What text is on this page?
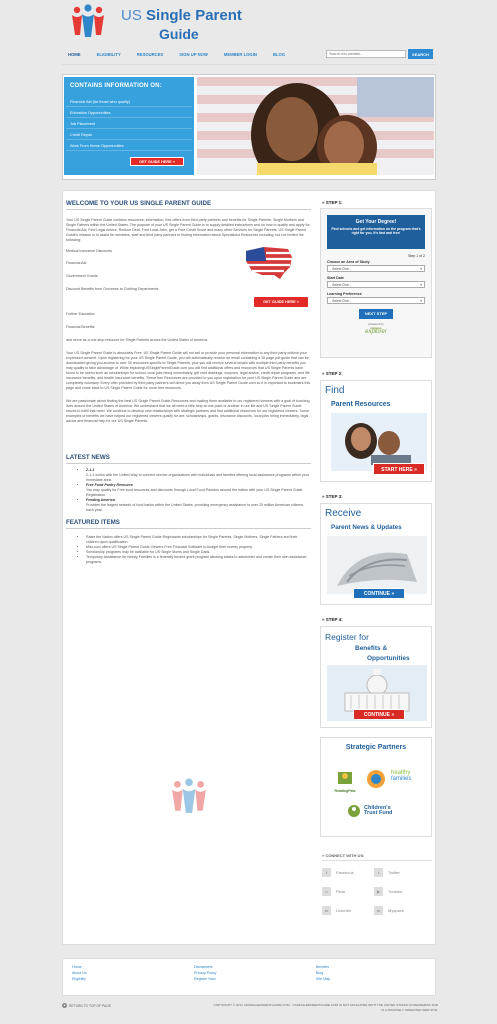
US Single Parent
Guide
HOME	ELIGIBILITY	RESOURCES	SIGN UP NOW	MEMBER LOGIN	BLOG
Search this website...	SEARCH
CONTAINS INFORMATION ON:
Financial Aid (for those who qualify)
Education Opportunities
Job Placement
Credit Repair
Work From Home Opportunities
GET GUIDE HERE »
WELCOME TO YOUR US SINGLE PARENT GUIDE

Your US Single Parent Guide contains resources, information, free offers from third party partners and benefits for Single Parents, Single Mothers and Single Fathers within the United States. The purpose of your US Single Parent Guide is to supply detailed instructions and on how to qualify and apply for Financial Aid, Find Legal Advice, Reduce Debt, Find Local Jobs, get a Free Credit Score and many other Services for Single Parents. US Single Parent Guide's mission is to assist its members, staff and third party partners in finding information about Specialized Resources including, but not limited the following:

Medical Insurance Discounts
Financial Aid
Government Grants
Discount Benefits from Groceries to Clothing Departments
Further Education
Financial Benefits
GET GUIDE HERE »

and serve as a one stop resource for Single Parents across the United States of America.

Your US Single Parent Guide is absolutely Free. US Single Parent Guide will not sell or provide your personal information to any third party without your expressed consent. Upon registering for your US Single Parent Guide, you will automatically receive an email containing a 30 page pdf guide that can be downloaded giving you access to over 30 resources specific to Single Parents, plus you will receive several emails with multiple third party benefits you may qualify to take advantage of. While exploringUSSingleParentGuide.com you will find additional offers and resources that US Single Parents have found to be useful such as scholarships for school, local jobs hiring immediately, gift card drawings, coupons, legal advice, credit repair programs, and life insurance benefits, and health insurance benefits. These free Resources are provided to you upon registration for your US Single Parent Guide and are completely voluntary. Every offer provided by third party partners will direct you away from US Single Parent Guide.com so it is important to bookmark this page and come back to US Single Parent Guide for more free resources.

We are passionate about finding the best US Single Parent Guide Resources and making them available to our registered viewers with a goal of touching lives around the United States of America. We understand that we all need a little help at one point or another in our life and US Single Parent Guide strives to fulfill that need. We continue to develop new relationships with strategic partners and find additional resources for our registered viewers. Some examples of benefits we have helped our registered viewers qualify for are: scholarships, grants, insurance discounts, local jobs hiring immediately, legal advice and financial help for our US Single Parents.

LATEST NEWS
• 2-1-1
2-1-1 works with the United Way to connect service organizations with individuals and families offering local assistance programs within your immediate area.
• Free Food Pantry Resource
You may qualify for Free food resources and discounts through Local Food Pantries around the nation with your US Single Parent Guide Registration.
• Feeding America
Provides the largest network of food banks within the United States, providing emergency assistance to over 25 million American citizens each year.
FEATURED ITEMS
• Raise the Nation offers US Single Parent Guide Registrants scholarships for Single Parents, Single Mothers, Single Fathers and their children upon qualification.
• Mint.com offers US Single Parent Guide Viewers Free Financial Software to budget their money properly.
• Scholarship programs may be available for US Single Moms and Single Dads.
• Temporary Assistance for Needy Families is a federally funded grant program allowing states to administer and create their own assistance programs.
» STEP 1:
Get Your Degree!
Find schools and get information on the program that's right for you. It's fast and free!
Step 1 of 2
Choose an Area of Study
- Select One -	▾
Start Date
- Select One -	▾
Learning Preference
- Select One -	▾
NEXT STEP
powered by
campus
explorer
» STEP 2:
Find
Parent Resources
START HERE »
» STEP 3:
Receive
Parent News & Updates
CONTINUE »
» STEP 4:
Register for
Benefits &
Opportunities
CONTINUE »
Strategic Partners
ReadingPals
healthy
families
Children's
Trust Fund
» CONNECT WITH US:
f	Facebook	t	Twitter
••	Flickr	▶	Youtube
in	LinkedIn	m	Myspace
Home
About Us
Eligibility
Disclaimers
Privacy Policy
Register Now
Benefits
Blog
Site Map
▲ RETURN TO TOP OF PAGE	COPYRIGHT © 2014 USSINGLEPARENTGUIDE.COM · USSINGLEPARENTGUIDE.COM IS NOT AFFILIATED WITH THE UNITED STATES GOVERNMENT AND
IS A PRIVATELY OPERATED WEB SITE.
